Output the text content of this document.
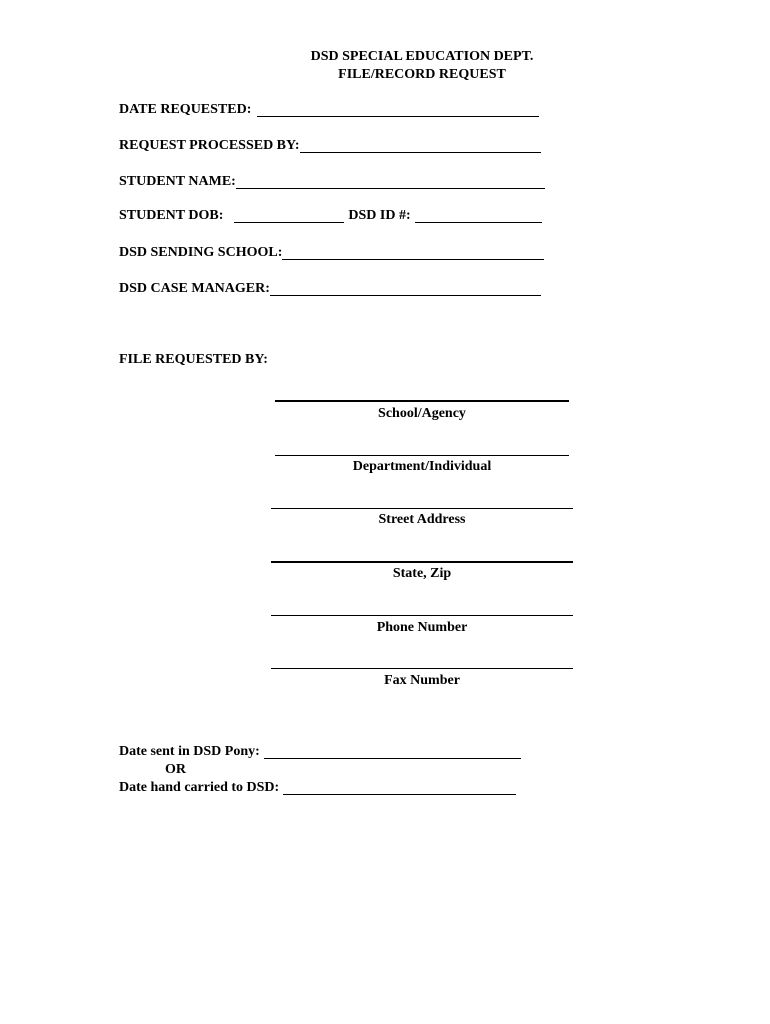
DSD SPECIAL EDUCATION DEPT.
FILE/RECORD REQUEST
DATE REQUESTED:
REQUEST PROCESSED BY:
STUDENT NAME:
STUDENT DOB:	DSD ID #:
DSD SENDING SCHOOL:
DSD CASE MANAGER:
FILE REQUESTED BY:
School/Agency
Department/Individual
Street Address
State, Zip
Phone Number
Fax Number
Date sent in DSD Pony:
OR
Date hand carried to DSD:
